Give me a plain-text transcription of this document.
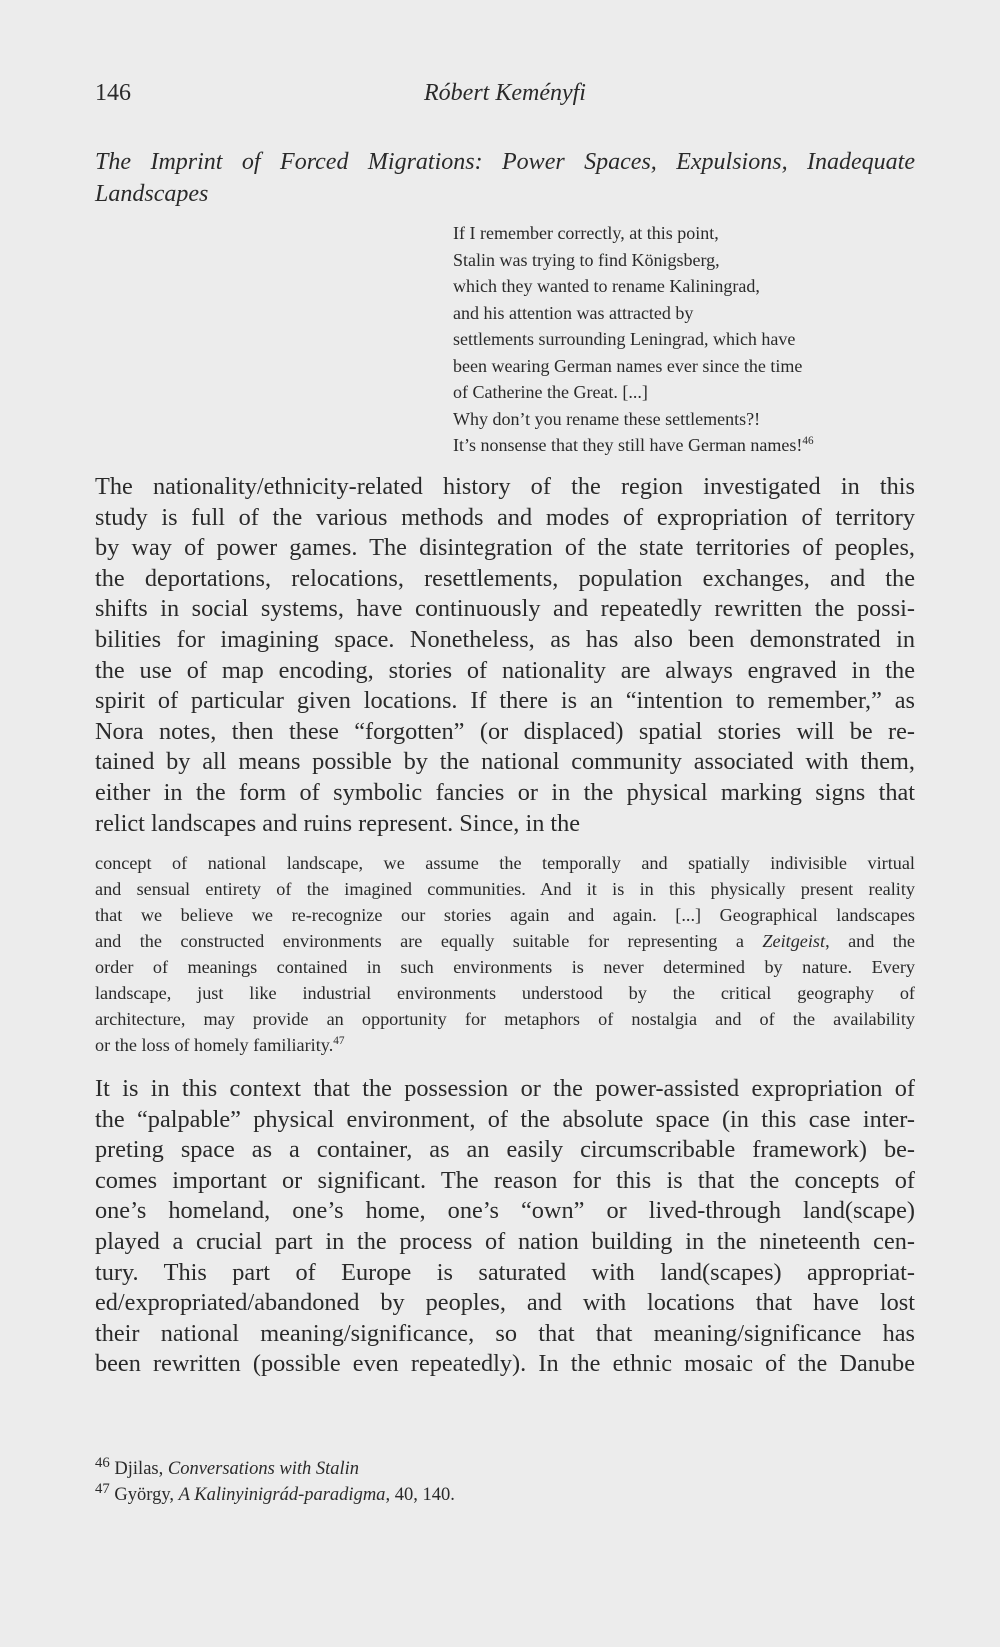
146	Róbert Keményfi
The Imprint of Forced Migrations: Power Spaces, Expulsions, Inadequate Landscapes
If I remember correctly, at this point,
Stalin was trying to find Königsberg,
which they wanted to rename Kaliningrad,
and his attention was attracted by
settlements surrounding Leningrad, which have
been wearing German names ever since the time
of Catherine the Great. [...]
Why don’t you rename these settlements?!
It’s nonsense that they still have German names!$^{46}$
The nationality/ethnicity-related history of the region investigated in this
study is full of the various methods and modes of expropriation of territory
by way of power games. The disintegration of the state territories of peoples,
the deportations, relocations, resettlements, population exchanges, and the
shifts in social systems, have continuously and repeatedly rewritten the possi-
bilities for imagining space. Nonetheless, as has also been demonstrated in
the use of map encoding, stories of nationality are always engraved in the
spirit of particular given locations. If there is an “intention to remember,” as
Nora notes, then these “forgotten” (or displaced) spatial stories will be re-
tained by all means possible by the national community associated with them,
either in the form of symbolic fancies or in the physical marking signs that
relict landscapes and ruins represent. Since, in the
concept of national landscape, we assume the temporally and spatially indivisible virtual
and sensual entirety of the imagined communities. And it is in this physically present reality
that we believe we re-recognize our stories again and again. [...] Geographical landscapes
and the constructed environments are equally suitable for representing a Zeitgeist, and the
order of meanings contained in such environments is never determined by nature. Every
landscape, just like industrial environments understood by the critical geography of
architecture, may provide an opportunity for metaphors of nostalgia and of the availability
or the loss of homely familiarity.$^{47}$
It is in this context that the possession or the power-assisted expropriation of
the “palpable” physical environment, of the absolute space (in this case inter-
preting space as a container, as an easily circumscribable framework) be-
comes important or significant. The reason for this is that the concepts of
one’s homeland, one’s home, one’s “own” or lived-through land(scape)
played a crucial part in the process of nation building in the nineteenth cen-
tury. This part of Europe is saturated with land(scapes) appropriat-
ed/expropriated/abandoned by peoples, and with locations that have lost
their national meaning/significance, so that that meaning/significance has
been rewritten (possible even repeatedly). In the ethnic mosaic of the Danube
$^{46}$ Djilas, Conversations with Stalin
$^{47}$ György, A Kalinyinigrád-paradigma, 40, 140.
